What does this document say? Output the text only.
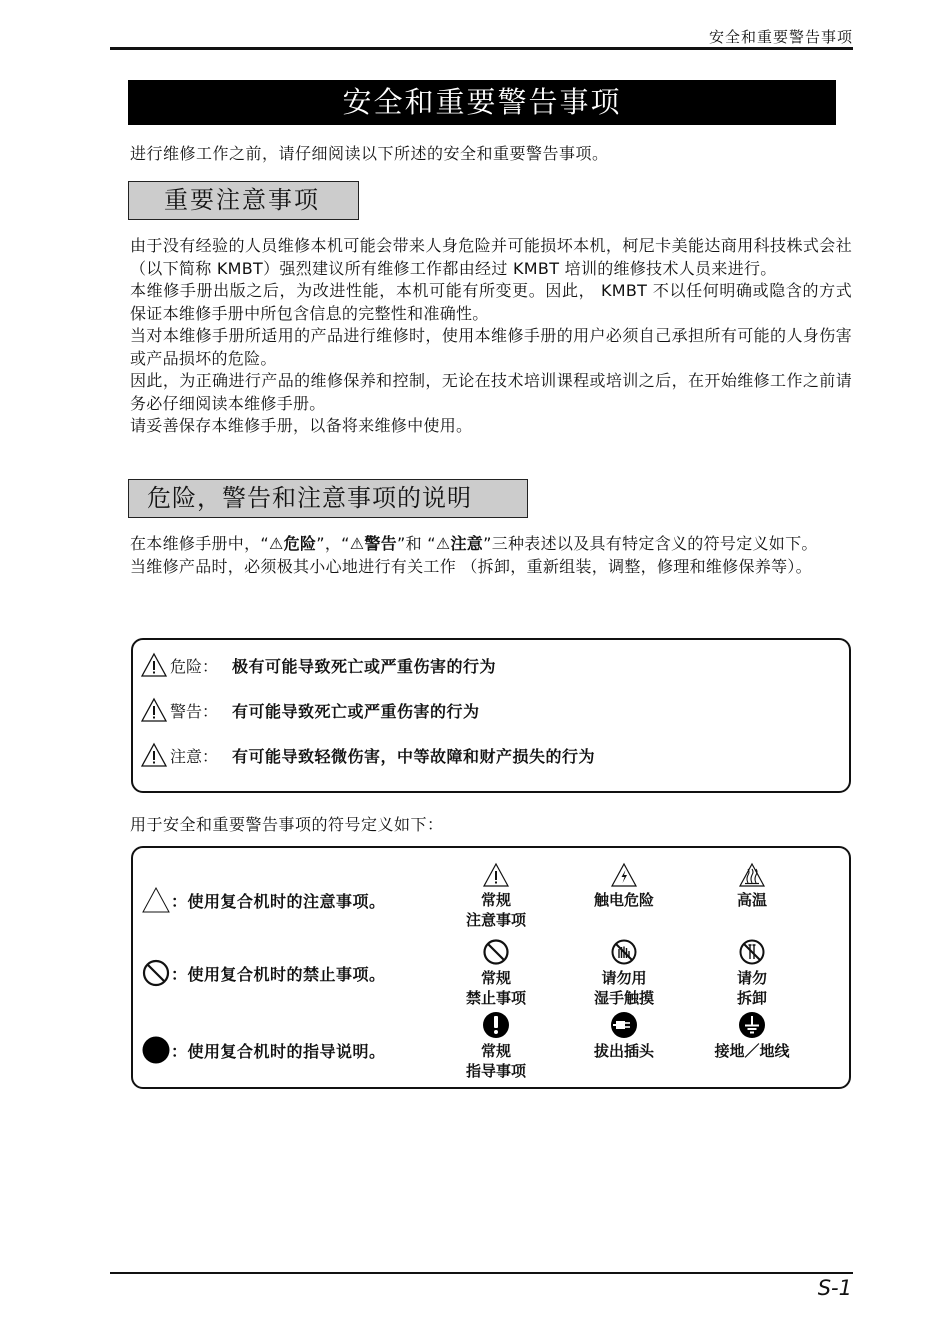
安全和重要警告事项
安全和重要警告事项
进行维修工作之前，请仔细阅读以下所述的安全和重要警告事项。
重要注意事项

由于没有经验的人员维修本机可能会带来人身危险并可能损坏本机，柯尼卡美能达商用科技株式会社 （以下简称 KMBT）强烈建议所有维修工作都由经过 KMBT 培训的维修技术人员来进行。

本维修手册出版之后，为改进性能，本机可能有所变更。因此， KMBT 不以任何明确或隐含的方式保证本维修手册中所包含信息的完整性和准确性。

当对本维修手册所适用的产品进行维修时，使用本维修手册的用户必须自己承担所有可能的人身伤害或产品损坏的危险。

因此，为正确进行产品的维修保养和控制，无论在技术培训课程或培训之后，在开始维修工作之前请务必仔细阅读本维修手册。

请妥善保存本维修手册，以备将来维修中使用。

危险，警告和注意事项的说明

在本维修手册中，“⚠危险”，“⚠警告”和 “⚠注意”三种表述以及具有特定含义的符号定义如下。

当维修产品时，必须极其小心地进行有关工作 （拆卸，重新组装，调整，修理和维修保养等）。

危险： 极有可能导致死亡或严重伤害的行为
警告： 有可能导致死亡或严重伤害的行为
注意： 有可能导致轻微伤害，中等故障和财产损失的行为
用于安全和重要警告事项的符号定义如下：
：使用复合机时的注意事项。
：使用复合机时的禁止事项。
：使用复合机时的指导说明。
常规
注意事项
触电危险	高温
常规
禁止事项
请勿用
湿手触摸
请勿
拆卸
常规
指导事项
拔出插头	接地／地线
S-1
